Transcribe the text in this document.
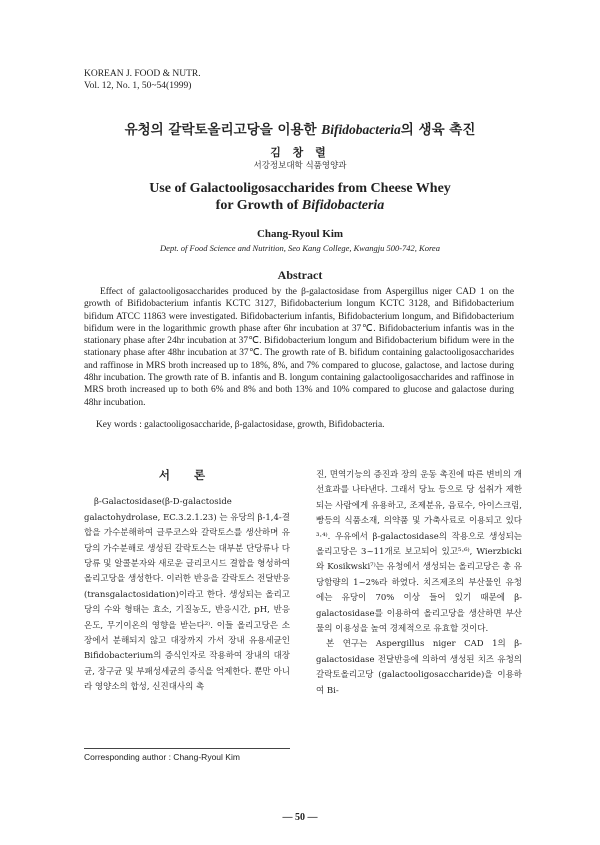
KOREAN J. FOOD & NUTR.
Vol. 12, No. 1, 50~54(1999)
유청의 갈락토올리고당을 이용한 Bifidobacteria의 생육 촉진
김 창 렬
서강정보대학 식품영양과
Use of Galactooligosaccharides from Cheese Whey
for Growth of Bifidobacteria
Chang-Ryoul Kim
Dept. of Food Science and Nutrition, Seo Kang College, Kwangju 500-742, Korea
Abstract

Effect of galactooligosaccharides produced by the β-galactosidase from Aspergillus niger CAD 1 on the growth of Bifidobacterium infantis KCTC 3127, Bifidobacterium longum KCTC 3128, and Bifidobacterium bifidum ATCC 11863 were investigated. Bifidobacterium infantis, Bifidobacterium longum, and Bifidobacterium bifidum were in the logarithmic growth phase after 6hr incubation at 37℃. Bifidobacterium infantis was in the stationary phase after 24hr incubation at 37℃. Bifidobacterium longum and Bifidobacterium bifidum were in the stationary phase after 48hr incubation at 37℃. The growth rate of B. bifidum containing galactooligosaccharides and raffinose in MRS broth increased up to 18%, 8%, and 7% compared to glucose, galactose, and lactose during 48hr incubation. The growth rate of B. infantis and B. longum containing galactooligosaccharides and raffinose in MRS broth increased up to both 6% and 8% and both 13% and 10% compared to glucose and galactose during 48hr incubation.

Key words : galactooligosaccharide, β-galactosidase, growth, Bifidobacteria.
서 론

β-Galactosidase(β-D-galactoside galactohydrolase, EC.3.2.1.23) 는 유당의 β-1,4-결합을 가수분해하여 글루코스와 갈락토스를 생산하며 유당의 가수분해로 생성된 갈락토스는 대부분 단당류나 다당류 및 알콜분자와 새로운 글리코시드 결합을 형성하여 올리고당을 생성한다. 이러한 반응을 갈락토스 전달반응(transgalactosidation)이라고 한다. 생성되는 올리고당의 수와 형태는 효소, 기질농도, 반응시간, pH, 반응온도, 무기이온의 영향을 받는다²⁾. 이들 올리고당은 소장에서 분해되지 않고 대장까지 가서 장내 유용세균인 Bifidobacterium의 증식인자로 작용하여 장내의 대장균, 장구균 및 부패성세균의 증식을 억제한다. 뿐만 아니라 영양소의 합성, 신진대사의 촉

진, 면역기능의 증진과 장의 운동 촉진에 따른 변비의 개선효과를 나타낸다. 그래서 당뇨 등으로 당 섭취가 제한되는 사람에게 유용하고, 조제분유, 음료수, 아이스크림, 빵등의 식품소재, 의약품 및 가축사료로 이용되고 있다³·⁴⁾. 우유에서 β-galactosidase의 작용으로 생성되는 올리고당은 3~11개로 보고되어 있고⁵·⁶⁾, Wierzbicki와 Kosikwski⁷⁾는 유청에서 생성되는 올리고당은 총 유당함량의 1~2%라 하였다. 치즈제조의 부산물인 유청에는 유당이 70% 이상 들어 있기 때문에 β-galactosidase를 이용하여 올리고당을 생산하면 부산물의 이용성을 높여 경제적으로 유효할 것이다.

본 연구는 Aspergillus niger CAD 1의 β-galactosidase 전달반응에 의하여 생성된 치즈 유청의 갈락토올리고당 (galactooligosaccharide)을 이용하여 Bi-

Corresponding author : Chang-Ryoul Kim
— 50 —
